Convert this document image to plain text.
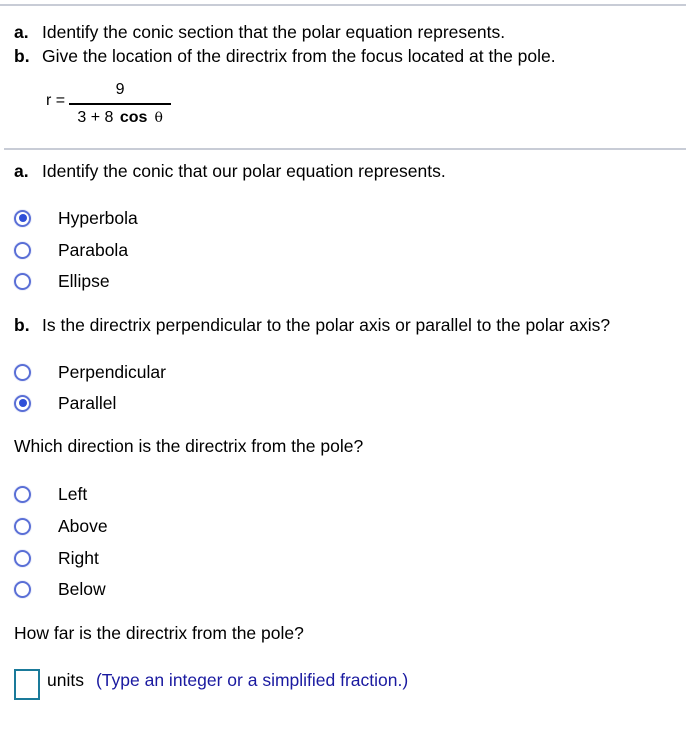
a. Identify the conic section that the polar equation represents.
b. Give the location of the directrix from the focus located at the pole.
$r = \frac{9}{\text{3 + 8 cos θ}}$
a. Identify the conic that our polar equation represents.
Hyperbola
Parabola
Ellipse
b. Is the directrix perpendicular to the polar axis or parallel to the polar axis?
Perpendicular
Parallel
Which direction is the directrix from the pole?
Left
Above
Right
Below
How far is the directrix from the pole?
units (Type an integer or a simplified fraction.)
